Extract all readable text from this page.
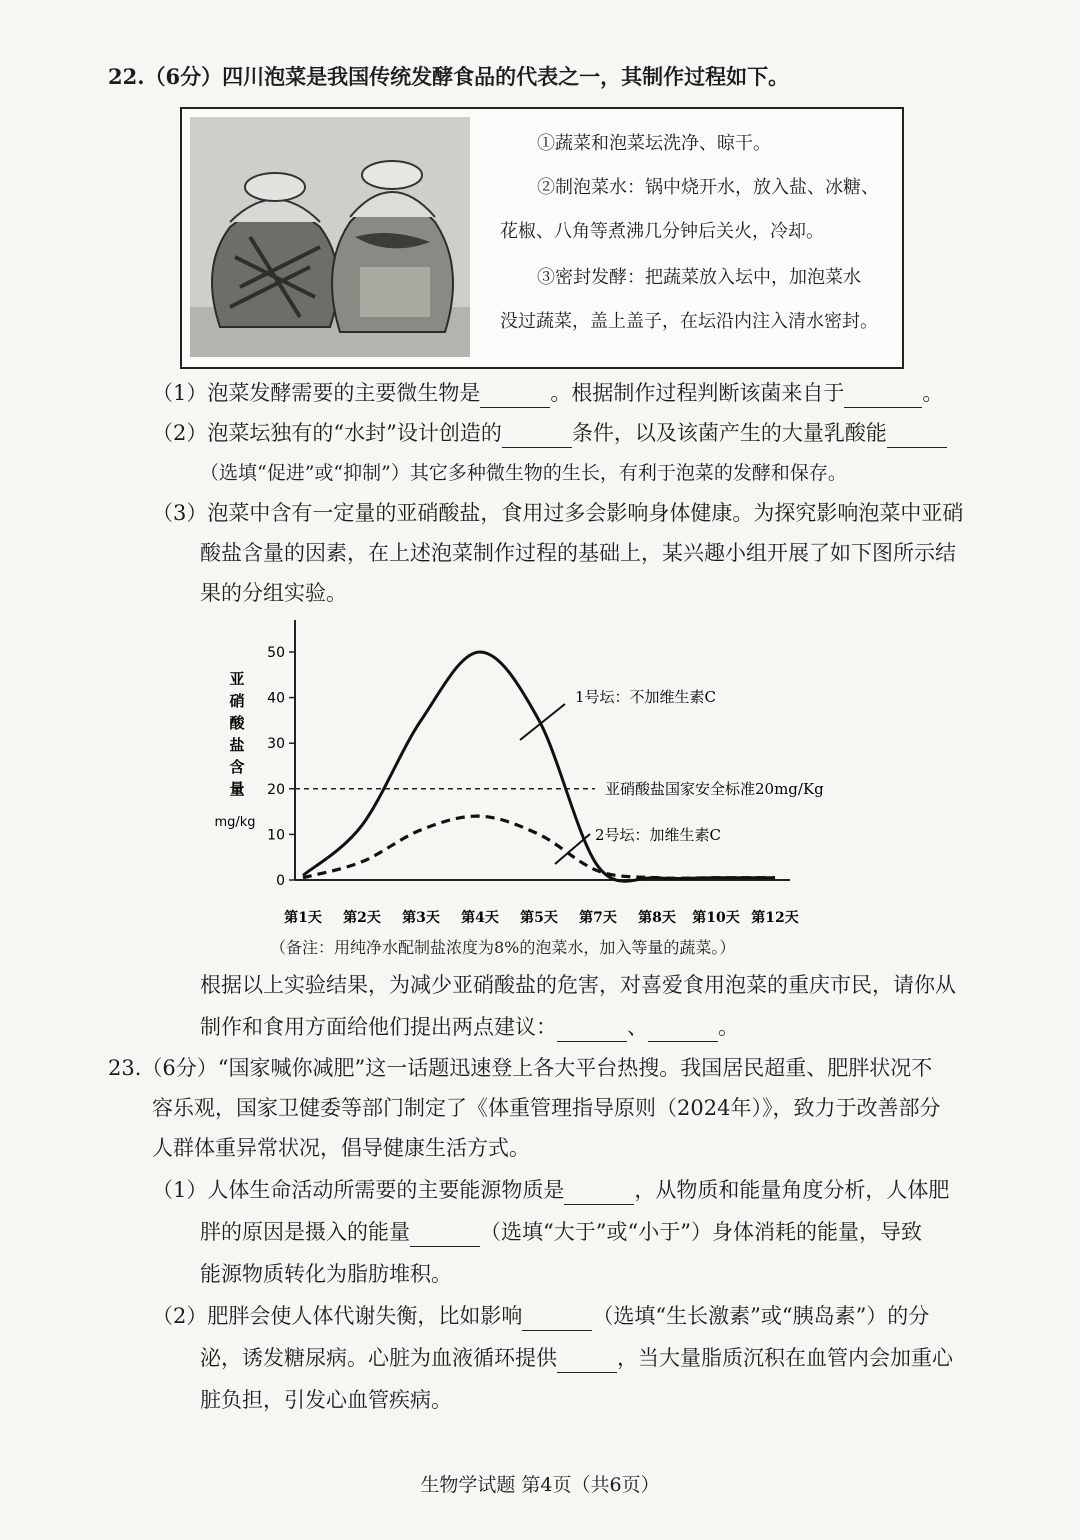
22.（6分）四川泡菜是我国传统发酵食品的代表之一，其制作过程如下。
①蔬菜和泡菜坛洗净、晾干。
②制泡菜水：锅中烧开水，放入盐、冰糖、
花椒、八角等煮沸几分钟后关火，冷却。
③密封发酵：把蔬菜放入坛中，加泡菜水
没过蔬菜，盖上盖子，在坛沿内注入清水密封。
（1）泡菜发酵需要的主要微生物是	。根据制作过程判断该菌来自于	。
（2）泡菜坛独有的“水封”设计创造的	条件，以及该菌产生的大量乳酸能
（选填“促进”或“抑制”）其它多种微生物的生长，有利于泡菜的发酵和保存。
（3）泡菜中含有一定量的亚硝酸盐，食用过多会影响身体健康。为探究影响泡菜中亚硝
酸盐含量的因素，在上述泡菜制作过程的基础上，某兴趣小组开展了如下图所示结
果的分组实验。
0
10
20
30
40
50
亚
硝
酸
盐
含
量
mg/kg
第1天 第2天 第3天 第4天 第5天 第7天 第8天 第10天 第12天
亚硝酸盐国家安全标准20mg/Kg
1号坛：不加维生素C
2号坛：加维生素C
（备注：用纯净水配制盐浓度为8%的泡菜水，加入等量的蔬菜。）
根据以上实验结果，为减少亚硝酸盐的危害，对喜爱食用泡菜的重庆市民，请你从
制作和食用方面给他们提出两点建议：	、	。
23.（6分）“国家喊你减肥”这一话题迅速登上各大平台热搜。我国居民超重、肥胖状况不
容乐观，国家卫健委等部门制定了《体重管理指导原则（2024年）》，致力于改善部分
人群体重异常状况，倡导健康生活方式。
（1）人体生命活动所需要的主要能源物质是	，从物质和能量角度分析，人体肥
胖的原因是摄入的能量	（选填“大于”或“小于”）身体消耗的能量，导致
能源物质转化为脂肪堆积。
（2）肥胖会使人体代谢失衡，比如影响	（选填“生长激素”或“胰岛素”）的分
泌，诱发糖尿病。心脏为血液循环提供	，当大量脂质沉积在血管内会加重心
脏负担，引发心血管疾病。
生物学试题 第4页（共6页）
